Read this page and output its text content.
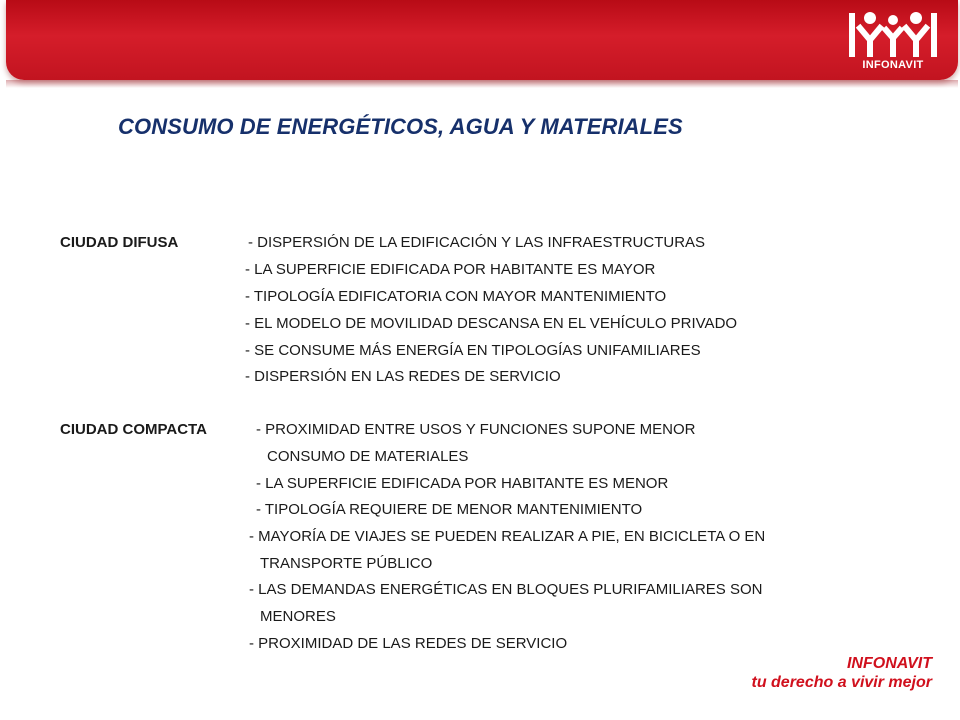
INFONAVIT
CONSUMO DE ENERGÉTICOS, AGUA Y MATERIALES
CIUDAD DIFUSA	- DISPERSIÓN DE LA EDIFICACIÓN Y LAS INFRAESTRUCTURAS
- LA SUPERFICIE EDIFICADA POR HABITANTE ES MAYOR
- TIPOLOGÍA EDIFICATORIA CON MAYOR MANTENIMIENTO
- EL MODELO DE MOVILIDAD DESCANSA EN EL VEHÍCULO PRIVADO
- SE CONSUME MÁS ENERGÍA EN TIPOLOGÍAS UNIFAMILIARES
- DISPERSIÓN EN LAS REDES DE SERVICIO
CIUDAD COMPACTA	- PROXIMIDAD ENTRE USOS Y FUNCIONES SUPONE MENOR
CONSUMO DE MATERIALES
- LA SUPERFICIE EDIFICADA POR HABITANTE ES MENOR
- TIPOLOGÍA REQUIERE DE MENOR MANTENIMIENTO
- MAYORÍA DE VIAJES SE PUEDEN REALIZAR A PIE, EN BICICLETA O EN
TRANSPORTE PÚBLICO
- LAS DEMANDAS ENERGÉTICAS EN BLOQUES PLURIFAMILIARES SON
MENORES
- PROXIMIDAD DE LAS REDES DE SERVICIO
INFONAVIT
tu derecho a vivir mejor
